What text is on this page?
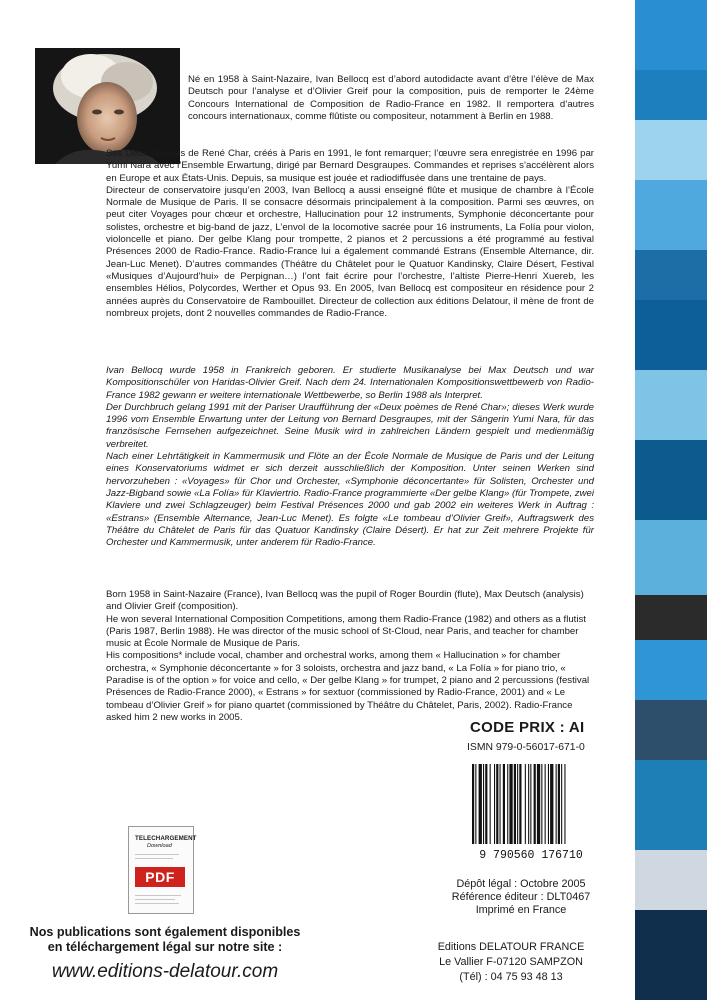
Né en 1958 à Saint-Nazaire, Ivan Bellocq est d’abord autodidacte avant d’être l’élève de Max Deutsch pour l’analyse et d’Olivier Greif pour la composition, puis de remporter le 24ème Concours International de Composition de Radio-France en 1982. Il remportera d’autres concours internationaux, comme flûtiste ou compositeur, notamment à Berlin en 1988.

Ses Deux poèmes de René Char, créés à Paris en 1991, le font remarquer; l’œuvre sera enregistrée en 1996 par Yumi Nara avec l’Ensemble Erwartung, dirigé par Bernard Desgraupes. Commandes et reprises s’accélèrent alors en Europe et aux États-Unis. Depuis, sa musique est jouée et radiodiffusée dans une trentaine de pays.

Directeur de conservatoire jusqu’en 2003, Ivan Bellocq a aussi enseigné flûte et musique de chambre à l’École Normale de Musique de Paris. Il se consacre désormais principalement à la composition. Parmi ses œuvres, on peut citer Voyages pour chœur et orchestre, Hallucination pour 12 instruments, Symphonie déconcertante pour solistes, orchestre et big-band de jazz, L’envol de la locomotive sacrée pour 16 instruments, La Folía pour violon, violoncelle et piano. Der gelbe Klang pour trompette, 2 pianos et 2 percussions a été programmé au festival Présences 2000 de Radio-France. Radio-France lui a également commandé Estrans (Ensemble Alternance, dir. Jean-Luc Menet). D’autres commandes (Théâtre du Châtelet pour le Quatuor Kandinsky, Claire Désert, Festival «Musiques d’Aujourd’hui» de Perpignan…) l’ont fait écrire pour l’orchestre, l’altiste Pierre-Henri Xuereb, les ensembles Hélios, Polycordes, Werther et Opus 93. En 2005, Ivan Bellocq est compositeur en résidence pour 2 années auprès du Conservatoire de Rambouillet. Directeur de collection aux éditions Delatour, il mène de front de nombreux projets, dont 2 nouvelles commandes de Radio-France.

Ivan Bellocq wurde 1958 in Frankreich geboren. Er studierte Musikanalyse bei Max Deutsch und war Kompositionschüler von Haridas-Olivier Greif. Nach dem 24. Internationalen Kompositionswettbewerb von Radio-France 1982 gewann er weitere internationale Wettbewerbe, so Berlin 1988 als Interpret.

Der Durchbruch gelang 1991 mit der Pariser Uraufführung der «Deux poèmes de René Char»; dieses Werk wurde 1996 vom Ensemble Erwartung unter der Leitung von Bernard Desgraupes, mit der Sängerin Yumi Nara, für das französische Fernsehen aufgezeichnet. Seine Musik wird in zahlreichen Ländern gespielt und medienmäßig verbreitet.

Nach einer Lehrtätigkeit in Kammermusik und Flöte an der École Normale de Musique de Paris und der Leitung eines Konservatoriums widmet er sich derzeit ausschließlich der Komposition. Unter seinen Werken sind hervorzuheben : «Voyages» für Chor und Orchester, «Symphonie déconcertante» für Solisten, Orchester und Jazz-Bigband sowie «La Folía» für Klaviertrio. Radio-France programmierte «Der gelbe Klang» (für Trompete, zwei Klaviere und zwei Schlagzeuger) beim Festival Présences 2000 und gab 2002 ein weiteres Werk in Auftrag : «Estrans» (Ensemble Alternance, Jean-Luc Menet). Es folgte «Le tombeau d’Olivier Greif», Auftragswerk des Théâtre du Châtelet de Paris für das Quatuor Kandinsky (Claire Désert). Er hat zur Zeit mehrere Projekte für Orchester und Kammermusik, unter anderem für Radio-France.

Born 1958 in Saint-Nazaire (France), Ivan Bellocq was the pupil of Roger Bourdin (flute), Max Deutsch (analysis) and Olivier Greif (composition).

He won several International Composition Competitions, among them Radio-France (1982) and others as a flutist (Paris 1987, Berlin 1988). He was director of the music school of St-Cloud, near Paris, and teacher for chamber music at École Normale de Musique de Paris.

His compositions* include vocal, chamber and orchestral works, among them « Hallucination » for chamber orchestra, « Symphonie déconcertante » for 3 soloists, orchestra and jazz band, « La Folía » for piano trio, « Paradise is of the option » for voice and cello, « Der gelbe Klang » for trumpet, 2 piano and 2 percussions (festival Présences de Radio-France 2000), « Estrans » for sextuor (commissioned by Radio-France, 2001) and « Le tombeau d’Olivier Greif » for piano quartet (commissioned by Théâtre du Châtelet, Paris, 2002). Radio-France asked him 2 new works in 2005.

CODE PRIX : AI
ISMN 979-0-56017-671-0
9 790560 176710
TELECHARGEMENT
Download
PDF	Dépôt légal : Octobre 2005
Référence éditeur : DLT0467
Imprimé en France
Editions DELATOUR FRANCE
Le Vallier F-07120 SAMPZON
(Tél) : 04 75 93 48 13
Nos publications sont également disponibles
en téléchargement légal sur notre site :
www.editions-delatour.com
